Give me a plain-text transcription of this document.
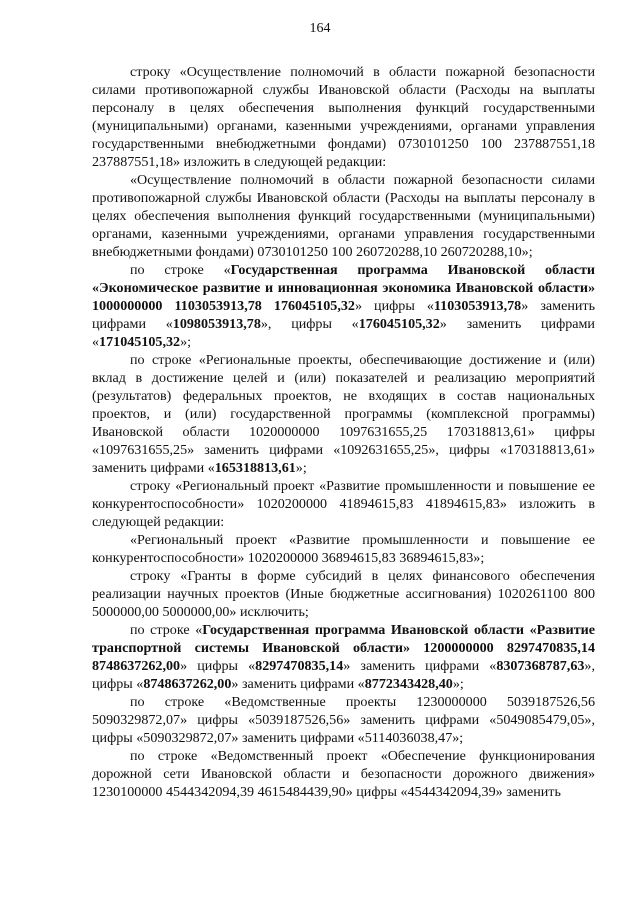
164

строку «Осуществление полномочий в области пожарной безопасности силами противопожарной службы Ивановской области (Расходы на выплаты персоналу в целях обеспечения выполнения функций государственными (муниципальными) органами, казенными учреждениями, органами управления государственными внебюджетными фондами) 0730101250 100 237887551,18 237887551,18» изложить в следующей редакции:

«Осуществление полномочий в области пожарной безопасности силами противопожарной службы Ивановской области (Расходы на выплаты персоналу в целях обеспечения выполнения функций государственными (муниципальными) органами, казенными учреждениями, органами управления государственными внебюджетными фондами) 0730101250 100 260720288,10 260720288,10»;

по строке «Государственная программа Ивановской области «Экономическое развитие и инновационная экономика Ивановской области» 1000000000 1103053913,78 176045105,32» цифры «1103053913,78» заменить цифрами «1098053913,78», цифры «176045105,32» заменить цифрами «171045105,32»;

по строке «Региональные проекты, обеспечивающие достижение и (или) вклад в достижение целей и (или) показателей и реализацию мероприятий (результатов) федеральных проектов, не входящих в состав национальных проектов, и (или) государственной программы (комплексной программы) Ивановской области 1020000000 1097631655,25 170318813,61» цифры «1097631655,25» заменить цифрами «1092631655,25», цифры «170318813,61» заменить цифрами «165318813,61»;

строку «Региональный проект «Развитие промышленности и повышение ее конкурентоспособности» 1020200000 41894615,83 41894615,83» изложить в следующей редакции:

«Региональный проект «Развитие промышленности и повышение ее конкурентоспособности» 1020200000 36894615,83 36894615,83»;

строку «Гранты в форме субсидий в целях финансового обеспечения реализации научных проектов (Иные бюджетные ассигнования) 1020261100 800 5000000,00 5000000,00» исключить;

по строке «Государственная программа Ивановской области «Развитие транспортной системы Ивановской области» 1200000000 8297470835,14 8748637262,00» цифры «8297470835,14» заменить цифрами «8307368787,63», цифры «8748637262,00» заменить цифрами «8772343428,40»;

по строке «Ведомственные проекты 1230000000 5039187526,56 5090329872,07» цифры «5039187526,56» заменить цифрами «5049085479,05», цифры «5090329872,07» заменить цифрами «5114036038,47»;

по строке «Ведомственный проект «Обеспечение функционирования дорожной сети Ивановской области и безопасности дорожного движения» 1230100000 4544342094,39 4615484439,90» цифры «4544342094,39» заменить
